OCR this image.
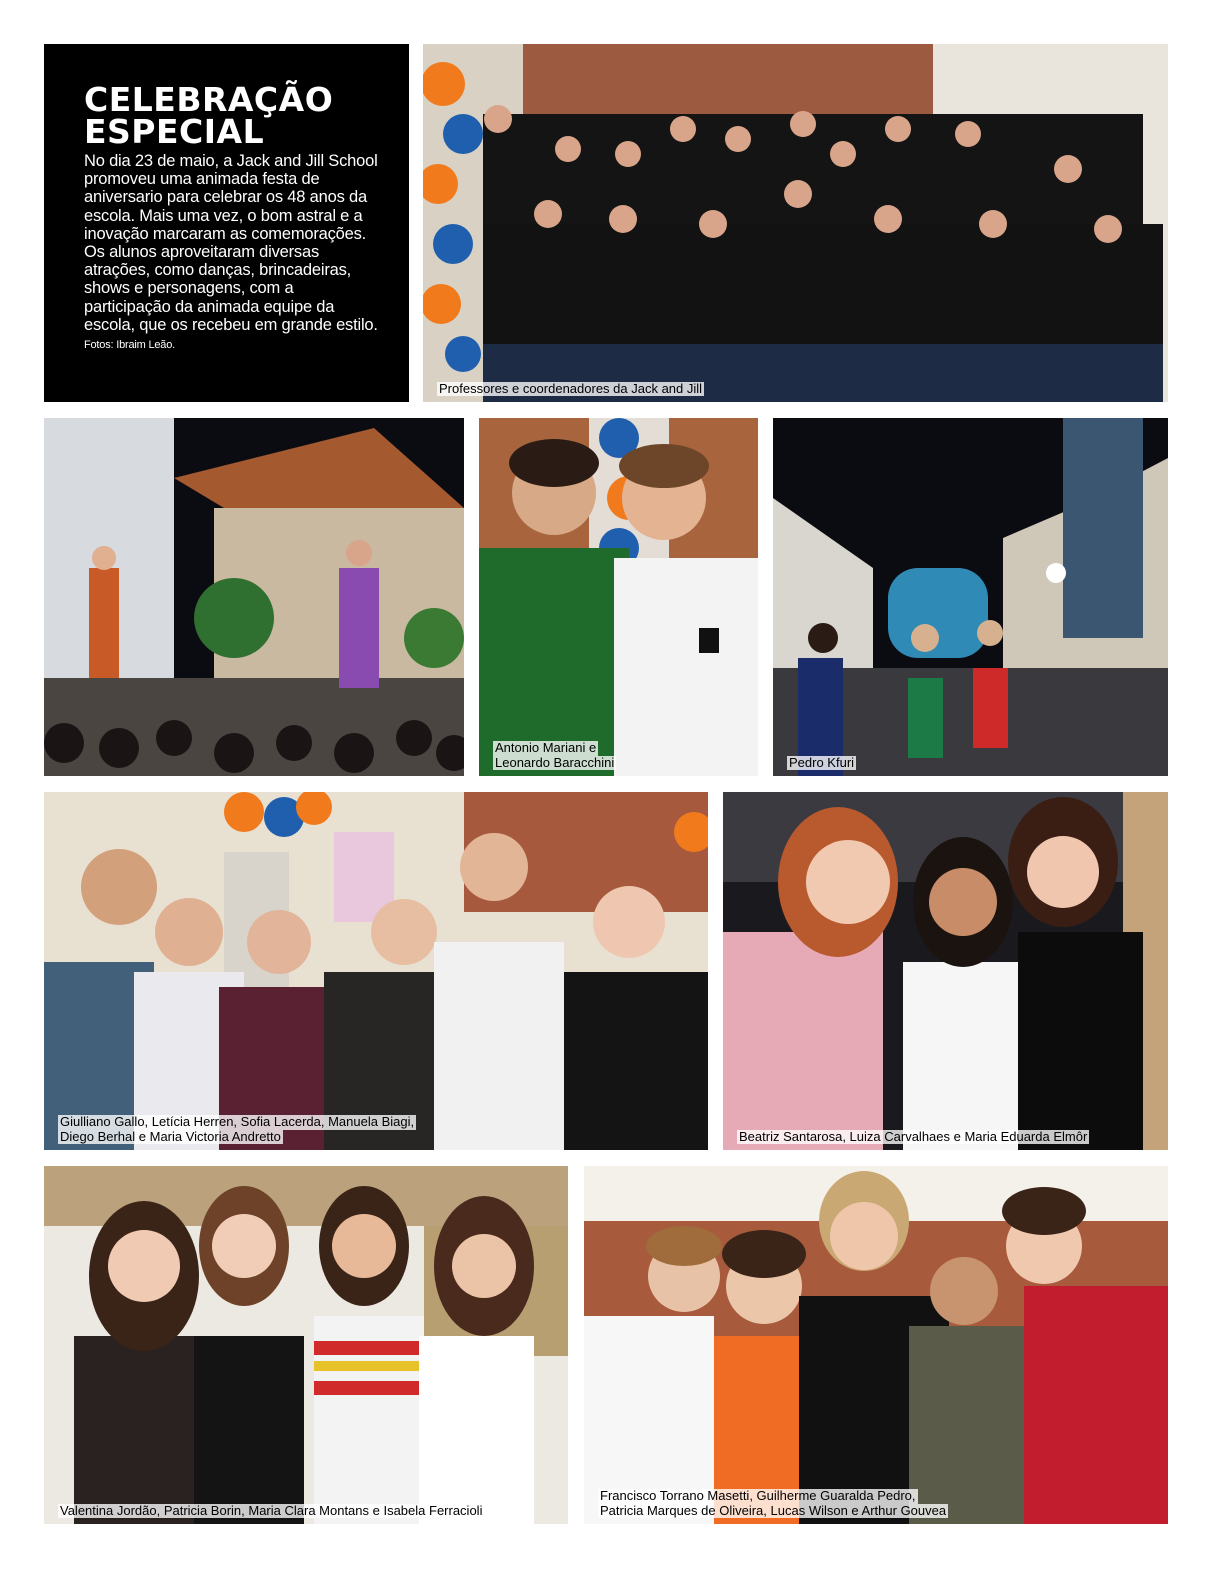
CELEBRAÇÃO
ESPECIAL

No dia 23 de maio, a Jack and Jill School promoveu uma animada festa de aniversario para celebrar os 48 anos da escola. Mais uma vez, o bom astral e a inovação marcaram as comemorações. Os alunos aproveitaram diversas atrações, como danças, brincadeiras, shows e personagens, com a participação da animada equipe da escola, que os recebeu em grande estilo. Fotos: Ibraim Leão.

Professores e coordenadores da Jack and Jill
Antonio Mariani e
Leonardo Baracchini	Pedro Kfuri
Giulliano Gallo, Letícia Herren, Sofia Lacerda, Manuela Biagi,
Diego Berhal e Maria Victoria Andretto	Beatriz Santarosa, Luiza Carvalhaes e Maria Eduarda Elmôr
Valentina Jordão, Patricia Borin, Maria Clara Montans e Isabela Ferracioli
Francisco Torrano Masetti, Guilherme Guaralda Pedro,
Patricia Marques de Oliveira, Lucas Wilson e Arthur Gouvea
